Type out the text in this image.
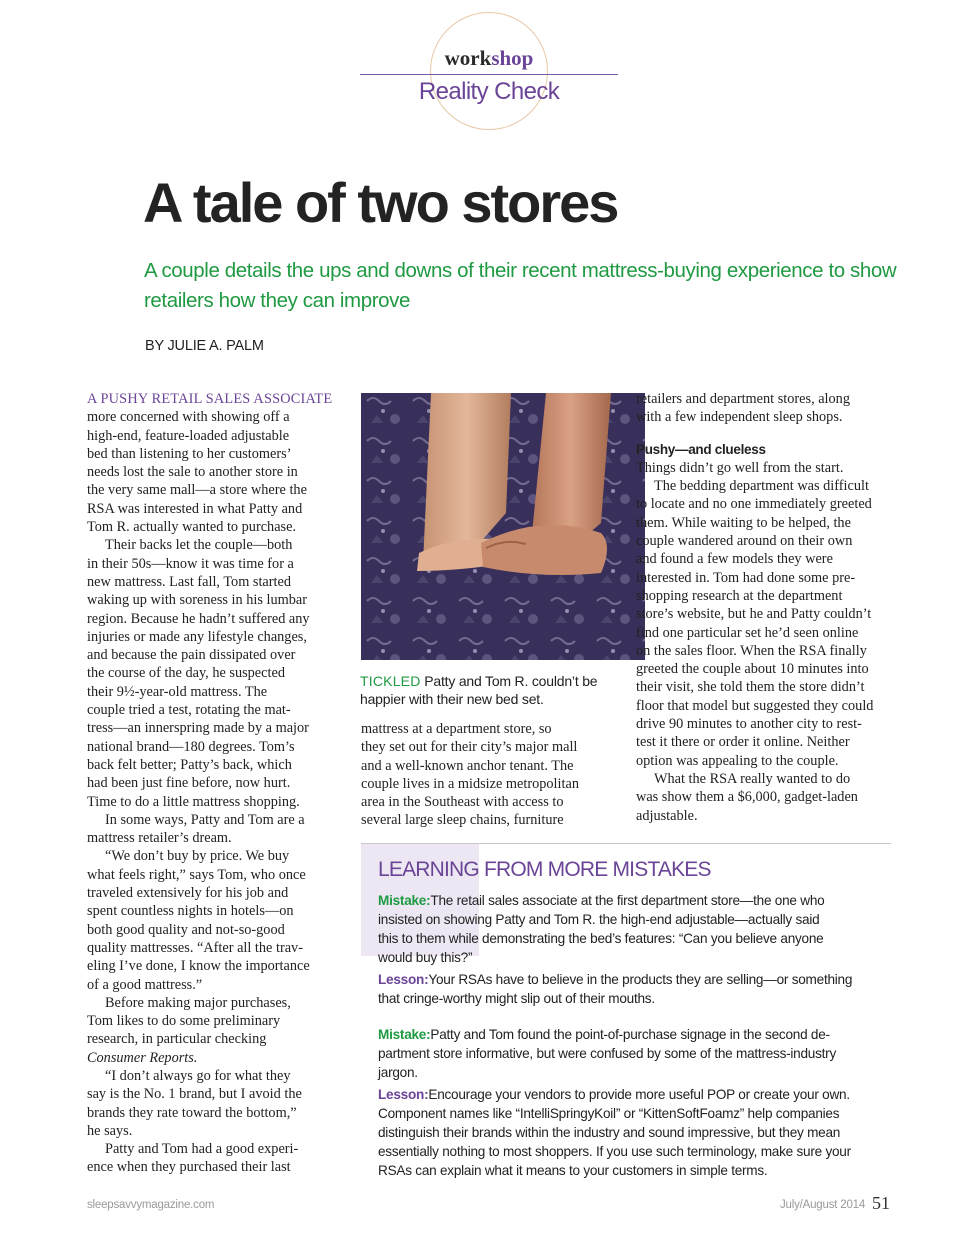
workshop
Reality Check
A tale of two stores

A couple details the ups and downs of their recent mattress-buying experience to show retailers how they can improve

BY JULIE A. PALM
A PUSHY RETAIL SALES ASSOCIATE
more concerned with showing off a
high-end, feature-loaded adjustable
bed than listening to her customers’
needs lost the sale to another store in
the very same mall—a store where the
RSA was interested in what Patty and
Tom R. actually wanted to purchase.
Their backs let the couple—both
in their 50s—know it was time for a
new mattress. Last fall, Tom started
waking up with soreness in his lumbar
region. Because he hadn’t suffered any
injuries or made any lifestyle changes,
and because the pain dissipated over
the course of the day, he suspected
their 9½-year-old mattress. The
couple tried a test, rotating the mat-
tress—an innerspring made by a major
national brand—180 degrees. Tom’s
back felt better; Patty’s back, which
had been just fine before, now hurt.
Time to do a little mattress shopping.
In some ways, Patty and Tom are a
mattress retailer’s dream.
“We don’t buy by price. We buy
what feels right,” says Tom, who once
traveled extensively for his job and
spent countless nights in hotels—on
both good quality and not-so-good
quality mattresses. “After all the trav-
eling I’ve done, I know the importance
of a good mattress.”
Before making major purchases,
Tom likes to do some preliminary
research, in particular checking
Consumer Reports.
“I don’t always go for what they
say is the No. 1 brand, but I avoid the
brands they rate toward the bottom,”
he says.
Patty and Tom had a good experi-
ence when they purchased their last
TICKLED Patty and Tom R. couldn’t be happier with their new bed set.
mattress at a department store, so
they set out for their city’s major mall
and a well-known anchor tenant. The
couple lives in a midsize metropolitan
area in the Southeast with access to
several large sleep chains, furniture
retailers and department stores, along
with a few independent sleep shops.
Pushy—and clueless
Things didn’t go well from the start.
The bedding department was difficult
to locate and no one immediately greeted
them. While waiting to be helped, the
couple wandered around on their own
and found a few models they were
interested in. Tom had done some pre-
shopping research at the department
store’s website, but he and Patty couldn’t
find one particular set he’d seen online
on the sales floor. When the RSA finally
greeted the couple about 10 minutes into
their visit, she told them the store didn’t
floor that model but suggested they could
drive 90 minutes to another city to rest-
test it there or order it online. Neither
option was appealing to the couple.
What the RSA really wanted to do
was show them a $6,000, gadget-laden
adjustable.
LEARNING FROM MORE MISTAKES
Mistake:The retail sales associate at the first department store—the one who
insisted on showing Patty and Tom R. the high-end adjustable—actually said
this to them while demonstrating the bed’s features: “Can you believe anyone
would buy this?”
Lesson:Your RSAs have to believe in the products they are selling—or something
that cringe-worthy might slip out of their mouths.
Mistake:Patty and Tom found the point-of-purchase signage in the second de-
partment store informative, but were confused by some of the mattress-industry
jargon.
Lesson:Encourage your vendors to provide more useful POP or create your own.
Component names like “IntelliSpringyKoil” or “KittenSoftFoamz” help companies
distinguish their brands within the industry and sound impressive, but they mean
essentially nothing to most shoppers. If you use such terminology, make sure your
RSAs can explain what it means to your customers in simple terms.
sleepsavvymagazine.com	July/August 2014 51
